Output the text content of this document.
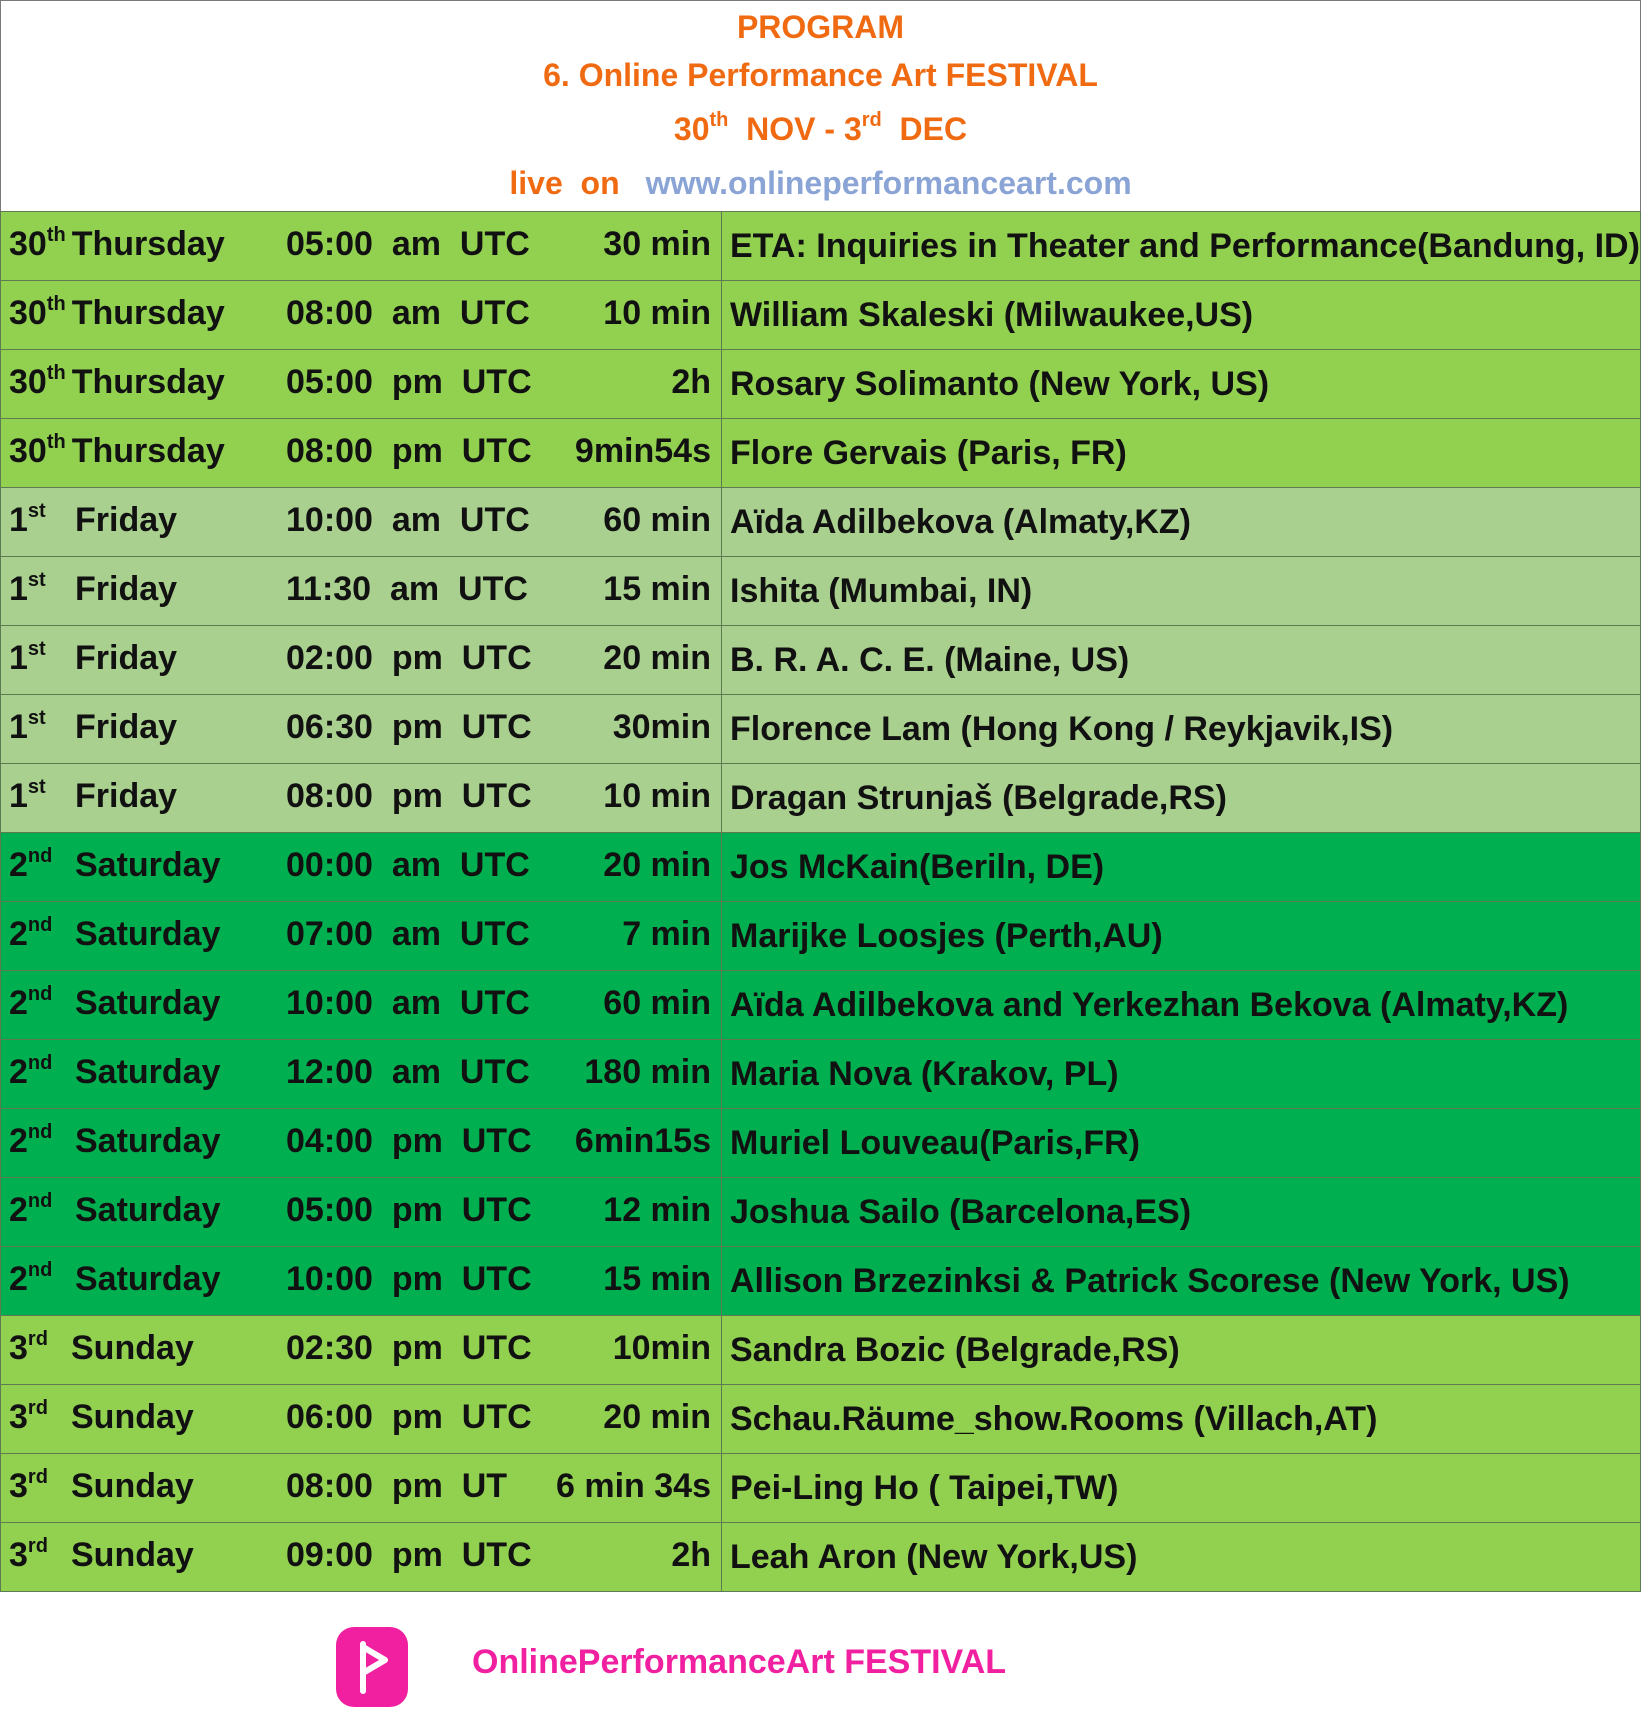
PROGRAM
6. Online Performance Art FESTIVAL
30th NOV - 3rd DEC
live  on www.onlineperformanceart.com
30th Thursday 05:00  am  UTC 30 min	ETA: Inquiries in Theater and Performance(Bandung, ID)

30th Thursday 08:00  am  UTC 10 min	William Skaleski (Milwaukee,US)

30th Thursday 05:00  pm  UTC 2h	Rosary Solimanto (New York, US)

30th Thursday 08:00  pm  UTC 9min54s	Flore Gervais (Paris, FR)

1st Friday 10:00  am  UTC 60 min	Aïda Adilbekova (Almaty,KZ)

1st Friday 11:30  am  UTC 15 min	Ishita (Mumbai, IN)

1st Friday 02:00  pm  UTC 20 min	B. R. A. C. E. (Maine, US)

1st Friday 06:30  pm  UTC 30min	Florence Lam (Hong Kong / Reykjavik,IS)

1st Friday 08:00  pm  UTC 10 min	Dragan Strunjaš (Belgrade,RS)

2nd Saturday 00:00  am  UTC 20 min	Jos McKain(Beriln, DE)

2nd Saturday 07:00  am  UTC 7 min	Marijke Loosjes (Perth,AU)

2nd Saturday 10:00  am  UTC 60 min	Aïda Adilbekova and Yerkezhan Bekova (Almaty,KZ)

2nd Saturday 12:00  am  UTC 180 min	Maria Nova (Krakov, PL)

2nd Saturday 04:00  pm  UTC 6min15s	Muriel Louveau(Paris,FR)

2nd Saturday 05:00  pm  UTC 12 min	Joshua Sailo (Barcelona,ES)

2nd Saturday 10:00  pm  UTC 15 min	Allison Brzezinksi & Patrick Scorese (New York, US)

3rd Sunday 02:30  pm  UTC 10min	Sandra Bozic (Belgrade,RS)

3rd Sunday 06:00  pm  UTC 20 min	Schau.Räume_show.Rooms (Villach,AT)

3rd Sunday 08:00  pm  UT 6 min 34s	Pei-Ling Ho ( Taipei,TW)

3rd Sunday 09:00  pm  UTC 2h	Leah Aron (New York,US)
OnlinePerformanceArt FESTIVAL
